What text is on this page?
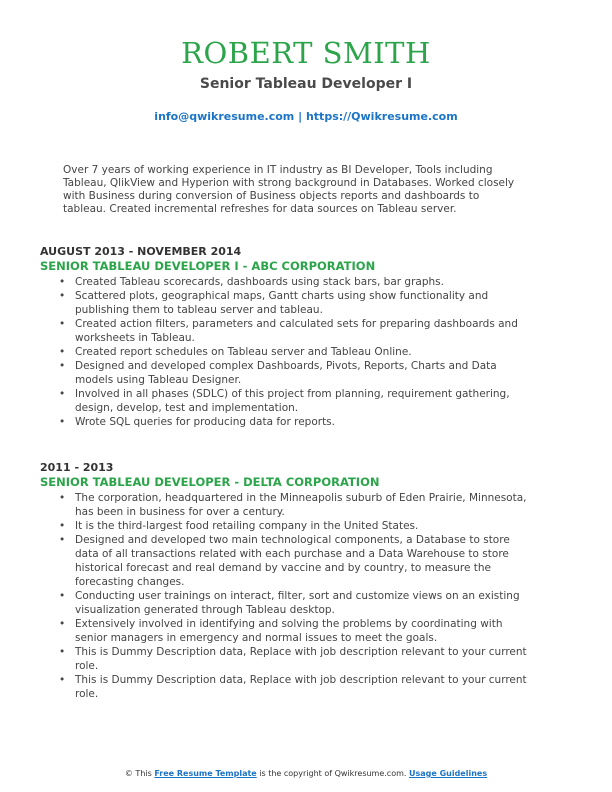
ROBERT SMITH
Senior Tableau Developer I
info@qwikresume.com | https://Qwikresume.com
Over 7 years of working experience in IT industry as BI Developer, Tools including Tableau, QlikView and Hyperion with strong background in Databases. Worked closely with Business during conversion of Business objects reports and dashboards to tableau. Created incremental refreshes for data sources on Tableau server.
AUGUST 2013 - NOVEMBER 2014
SENIOR TABLEAU DEVELOPER I - ABC CORPORATION
• Created Tableau scorecards, dashboards using stack bars, bar graphs.
• Scattered plots, geographical maps, Gantt charts using show functionality and publishing them to tableau server and tableau.
• Created action filters, parameters and calculated sets for preparing dashboards and worksheets in Tableau.
• Created report schedules on Tableau server and Tableau Online.
• Designed and developed complex Dashboards, Pivots, Reports, Charts and Data models using Tableau Designer.
• Involved in all phases (SDLC) of this project from planning, requirement gathering, design, develop, test and implementation.
• Wrote SQL queries for producing data for reports.
2011 - 2013
SENIOR TABLEAU DEVELOPER - DELTA CORPORATION
• The corporation, headquartered in the Minneapolis suburb of Eden Prairie, Minnesota, has been in business for over a century.
• It is the third-largest food retailing company in the United States.
• Designed and developed two main technological components, a Database to store data of all transactions related with each purchase and a Data Warehouse to store historical forecast and real demand by vaccine and by country, to measure the forecasting changes.
• Conducting user trainings on interact, filter, sort and customize views on an existing visualization generated through Tableau desktop.
• Extensively involved in identifying and solving the problems by coordinating with senior managers in emergency and normal issues to meet the goals.
• This is Dummy Description data, Replace with job description relevant to your current role.
• This is Dummy Description data, Replace with job description relevant to your current role.
© This Free Resume Template is the copyright of Qwikresume.com. Usage Guidelines
